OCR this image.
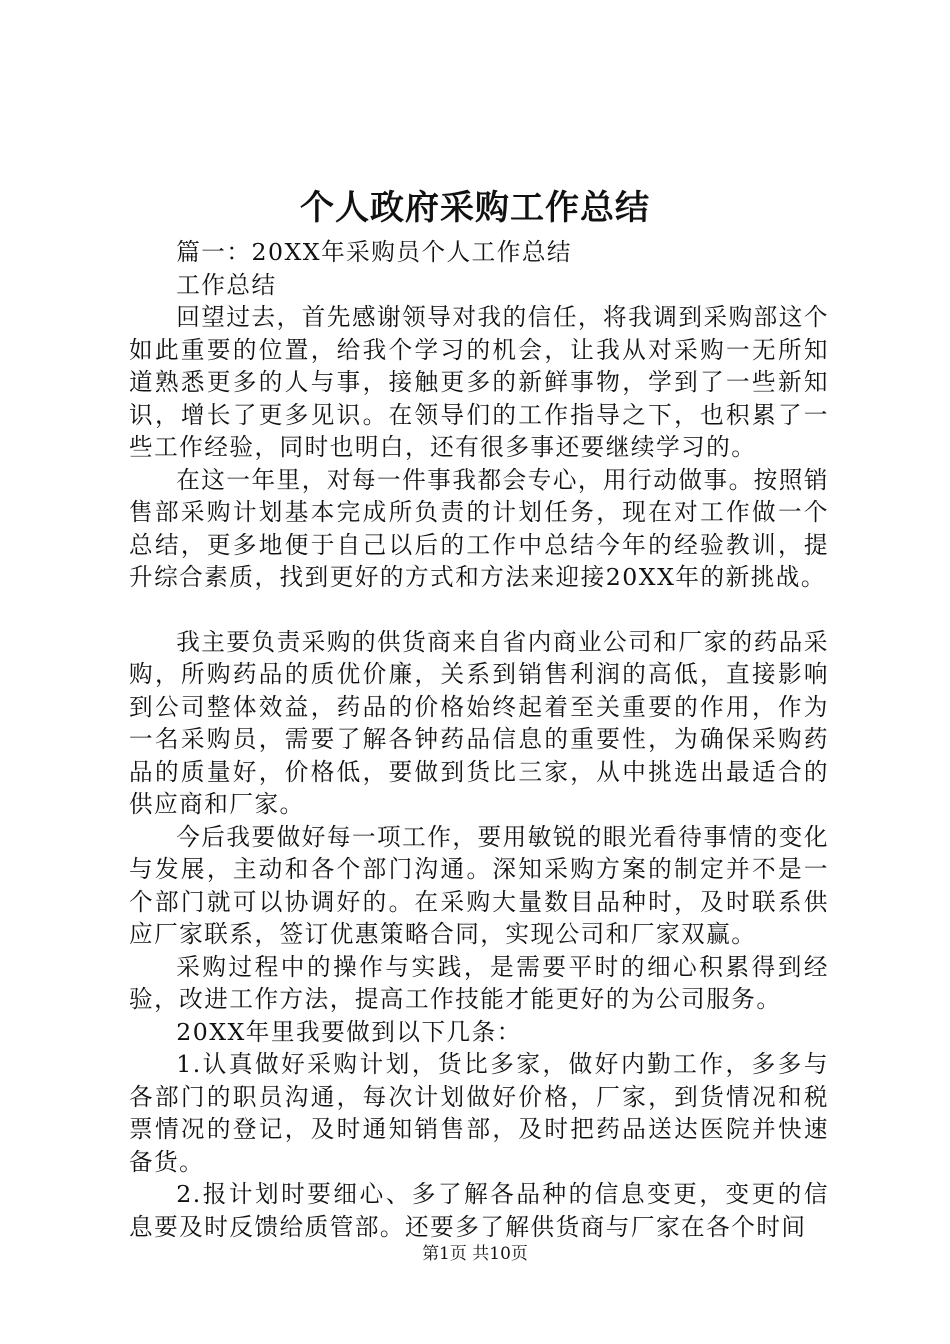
个人政府采购工作总结

篇一：20XX年采购员个人工作总结

工作总结

回望过去，首先感谢领导对我的信任，将我调到采购部这个如此重要的位置，给我个学习的机会，让我从对采购一无所知道熟悉更多的人与事，接触更多的新鲜事物，学到了一些新知识，增长了更多见识。在领导们的工作指导之下，也积累了一些工作经验，同时也明白，还有很多事还要继续学习的。

在这一年里，对每一件事我都会专心，用行动做事。按照销售部采购计划基本完成所负责的计划任务，现在对工作做一个总结，更多地便于自己以后的工作中总结今年的经验教训，提升综合素质，找到更好的方式和方法来迎接20XX年的新挑战。

我主要负责采购的供货商来自省内商业公司和厂家的药品采购，所购药品的质优价廉，关系到销售利润的高低，直接影响到公司整体效益，药品的价格始终起着至关重要的作用，作为一名采购员，需要了解各钟药品信息的重要性，为确保采购药品的质量好，价格低，要做到货比三家，从中挑选出最适合的供应商和厂家。

今后我要做好每一项工作，要用敏锐的眼光看待事情的变化与发展，主动和各个部门沟通。深知采购方案的制定并不是一个部门就可以协调好的。在采购大量数目品种时，及时联系供应厂家联系，签订优惠策略合同，实现公司和厂家双赢。

采购过程中的操作与实践，是需要平时的细心积累得到经验，改进工作方法，提高工作技能才能更好的为公司服务。

20XX年里我要做到以下几条：

1.认真做好采购计划，货比多家，做好内勤工作，多多与各部门的职员沟通，每次计划做好价格，厂家，到货情况和税票情况的登记，及时通知销售部，及时把药品送达医院并快速备货。

2.报计划时要细心、多了解各品种的信息变更，变更的信息要及时反馈给质管部。还要多了解供货商与厂家在各个时间

第1页 共10页
